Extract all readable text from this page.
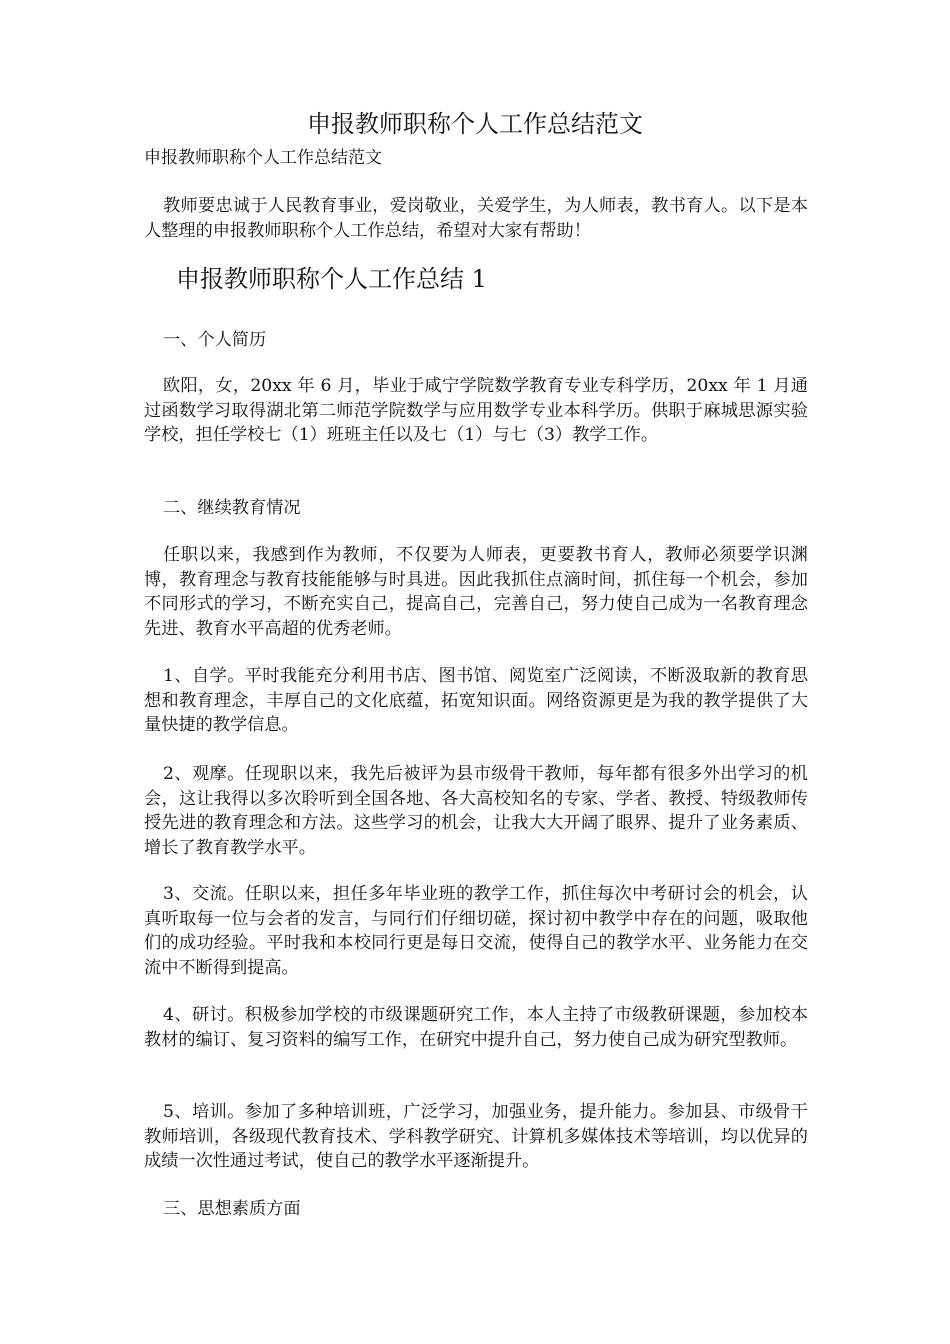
申报教师职称个人工作总结范文

申报教师职称个人工作总结范文

教师要忠诚于人民教育事业，爱岗敬业，关爱学生，为人师表，教书育人。以下是本人整理的申报教师职称个人工作总结，希望对大家有帮助！

申报教师职称个人工作总结 1
一、个人简历

欧阳，女，20xx 年 6 月，毕业于咸宁学院数学教育专业专科学历，20xx 年 1 月通过函数学习取得湖北第二师范学院数学与应用数学专业本科学历。供职于麻城思源实验学校，担任学校七（1）班班主任以及七（1）与七（3）教学工作。

二、继续教育情况

任职以来，我感到作为教师，不仅要为人师表，更要教书育人，教师必须要学识渊博，教育理念与教育技能能够与时具进。因此我抓住点滴时间，抓住每一个机会，参加不同形式的学习，不断充实自己，提高自己，完善自己，努力使自己成为一名教育理念先进、教育水平高超的优秀老师。

1、自学。平时我能充分利用书店、图书馆、阅览室广泛阅读，不断汲取新的教育思想和教育理念，丰厚自己的文化底蕴，拓宽知识面。网络资源更是为我的教学提供了大量快捷的教学信息。

2、观摩。任现职以来，我先后被评为县市级骨干教师，每年都有很多外出学习的机会，这让我得以多次聆听到全国各地、各大高校知名的专家、学者、教授、特级教师传授先进的教育理念和方法。这些学习的机会，让我大大开阔了眼界、提升了业务素质、增长了教育教学水平。

3、交流。任职以来，担任多年毕业班的教学工作，抓住每次中考研讨会的机会，认真听取每一位与会者的发言，与同行们仔细切磋，探讨初中教学中存在的问题，吸取他们的成功经验。平时我和本校同行更是每日交流，使得自己的教学水平、业务能力在交流中不断得到提高。

4、研讨。积极参加学校的市级课题研究工作，本人主持了市级教研课题，参加校本教材的编订、复习资料的编写工作，在研究中提升自己，努力使自己成为研究型教师。

5、培训。参加了多种培训班，广泛学习，加强业务，提升能力。参加县、市级骨干教师培训，各级现代教育技术、学科教学研究、计算机多媒体技术等培训，均以优异的成绩一次性通过考试，使自己的教学水平逐渐提升。

三、思想素质方面
